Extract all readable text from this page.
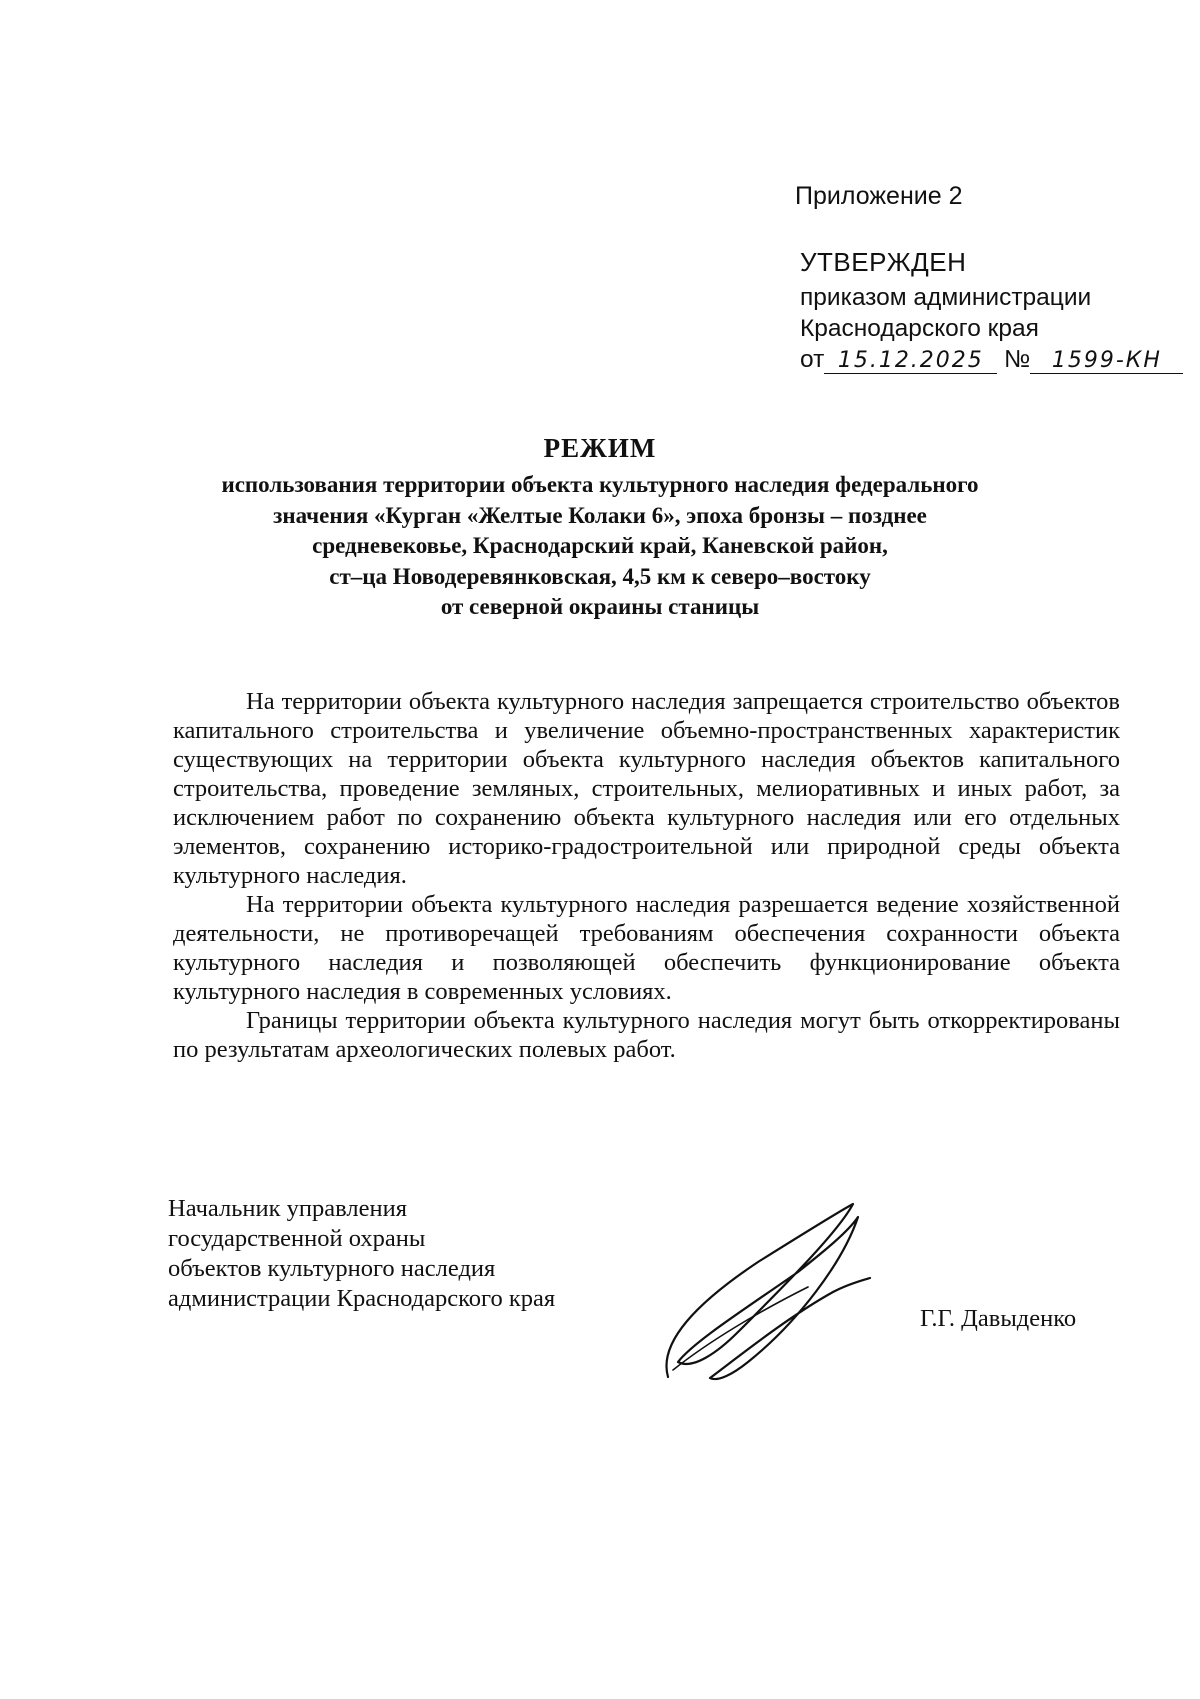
Приложение 2
УТВЕРЖДЕН
приказом администрации
Краснодарского края
от 15.12.2025 № 1599-КН
РЕЖИМ
использования территории объекта культурного наследия федерального
значения «Курган «Желтые Колаки 6», эпоха бронзы – позднее
средневековье, Краснодарский край, Каневской район,
ст–ца Новодеревянковская, 4,5 км к северо–востоку
от северной окраины станицы

На территории объекта культурного наследия запрещается строительство объектов капитального строительства и увеличение объемно-пространственных характеристик существующих на территории объекта культурного наследия объектов капитального строительства, проведение земляных, строительных, мелиоративных и иных работ, за исключением работ по сохранению объекта культурного наследия или его отдельных элементов, сохранению историко-градостроительной или природной среды объекта культурного наследия.

На территории объекта культурного наследия разрешается ведение хозяйственной деятельности, не противоречащей требованиям обеспечения сохранности объекта культурного наследия и позволяющей обеспечить функционирование объекта культурного наследия в современных условиях.

Границы территории объекта культурного наследия могут быть откорректированы по результатам археологических полевых работ.

Начальник управления
государственной охраны
объектов культурного наследия
администрации Краснодарского края
Г.Г. Давыденко
